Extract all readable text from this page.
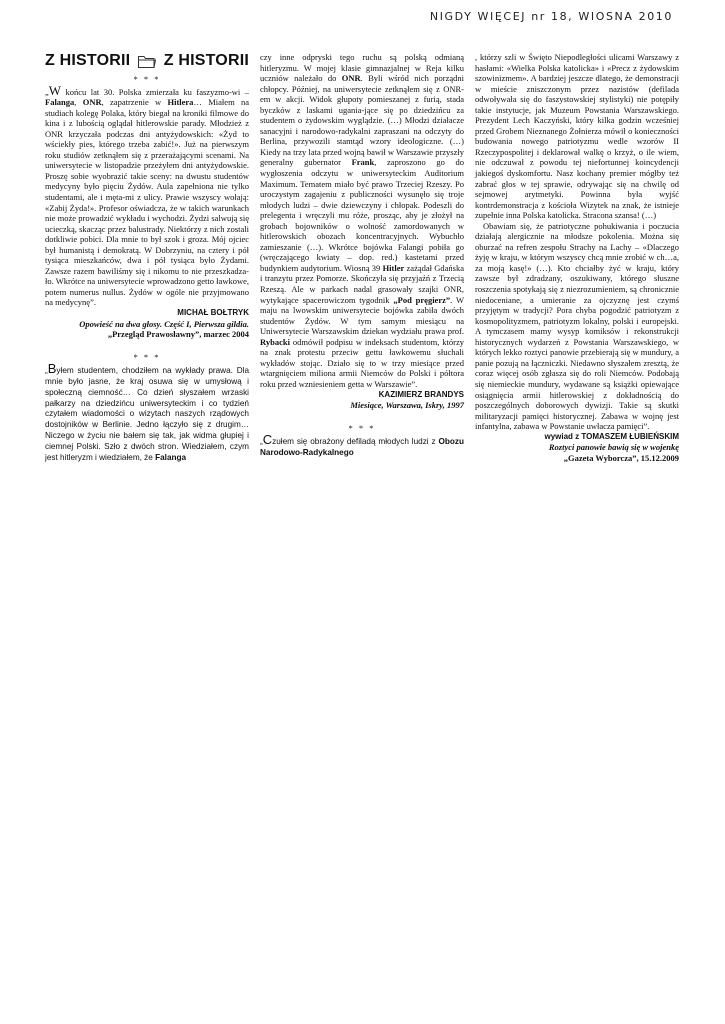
NIGDY WIĘCEJ nr 18, WIOSNA 2010
Z HISTORII Z HISTORII
* * *

„W końcu lat 30. Polska zmierzała ku faszyzmo-wi – Falanga, ONR, zapatrzenie w Hitlera… Miałem na studiach kolegę Polaka, który biegał na kroniki filmowe do kina i z lubością oglądał hitlerowskie parady. Młodzież z ONR krzyczała podczas dni antyżydowskich: «Żyd to wściekły pies, którego trzeba zabić!». Już na pierwszym roku studiów zetknąłem się z przerażającymi scenami. Na uniwersytecie w listopadzie przeżyłem dni antyżydowskie. Proszę sobie wyobrazić takie sceny: na dwustu studentów medycyny było pięciu Żydów. Aula zapełniona nie tylko studentami, ale i męta-mi z ulicy. Prawie wszyscy wołają: «Zabij Żyda!». Profesor oświadcza, że w takich warunkach nie może prowadzić wykładu i wychodzi. Żydzi salwują się ucieczką, skacząc przez balustrady. Niektórzy z nich zostali dotkliwie pobici. Dla mnie to był szok i groza. Mój ojciec był humanistą i demokratą. W Dobrzyniu, na cztery i pół tysiąca mieszkańców, dwa i pół tysiąca było Żydami. Zawsze razem bawiliśmy się i nikomu to nie przeszkadza-ło. Wkrótce na uniwersytecie wprowadzono getto ławkowe, potem numerus nullus. Żydów w ogóle nie przyjmowano na medycynę”.

MICHAŁ BOŁTRYK
Opowieść na dwa głosy. Część I, Pierwsza gildia.
„Przegląd Prawosławny”, marzec 2004
* * *

„Byłem studentem, chodziłem na wykłady prawa. Dla mnie było jasne, że kraj osuwa się w umysłową i społeczną ciemność… Co dzień słyszałem wrzaski pałkarzy na dziedzińcu uniwersyteckim i co tydzień czytałem wiadomości o wizytach naszych rządowych dostojników w Berlinie. Jedno łączyło się z drugim… Niczego w życiu nie bałem się tak, jak widma głupiej i ciemnej Polski. Szło z dwóch stron. Wiedziałem, czym jest hitleryzm i wiedziałem, że Falanga

czy inne odpryski tego ruchu są polską odmianą hitleryzmu. W mojej klasie gimnazjalnej w Reja kilku uczniów należało do ONR. Byli wśród nich porządni chłopcy. Później, na uniwersytecie zetknąłem się z ONR-em w akcji. Widok głupoty pomieszanej z furią, stada byczków z laskami ugania-jące się po dziedzińcu za studentem o żydowskim wyglądzie. (…) Młodzi działacze sanacyjni i narodowo-radykalni zapraszani na odczyty do Berlina, przywozili stamtąd wzory ideologiczne. (…) Kiedy na trzy lata przed wojną bawił w Warszawie przyszły generalny gubernator Frank, zaproszono go do wygłoszenia odczytu w uniwersyteckim Auditorium Maximum. Tematem miało być prawo Trzeciej Rzeszy. Po uroczystym zagajeniu z publiczności wysunęło się troje młodych ludzi – dwie dziewczyny i chłopak. Podeszli do prelegenta i wręczyli mu róże, prosząc, aby je złożył na grobach bojowników o wolność zamordowanych w hitlerowskich obozach koncentracyjnych. Wybuchło zamieszanie (…). Wkrótce bojówka Falangi pobiła go (wręczającego kwiaty – dop. red.) kastetami przed budynkiem audytorium. Wiosną 39 Hitler zażądał Gdańska i tranzytu przez Pomorze. Skończyła się przyjaźń z Trzecią Rzeszą. Ale w parkach nadal grasowały szajki ONR, wytykające spacerowiczom tygodnik „Pod pręgierz”. W maju na lwowskim uniwersytecie bojówka zabiła dwóch studentów Żydów. W tym samym miesiącu na Uniwersytecie Warszawskim dziekan wydziału prawa prof. Rybacki odmówił podpisu w indeksach studentom, którzy na znak protestu przeciw gettu ławkowemu słuchali wykładów stojąc. Działo się to w trzy miesiące przed wtargnięciem miliona armii Niemców do Polski i półtora roku przed wzniesieniem getta w Warszawie”.

KAZIMIERZ BRANDYS
Miesiące, Warszawa, Iskry, 1997
* * *

„Czułem się obrażony defiladą młodych ludzi z Obozu Narodowo-Radykalnego

, którzy szli w Święto Niepodległości ulicami Warszawy z hasłami: «Wielka Polska katolicka» i «Precz z żydowskim szowinizmem». A bardziej jeszcze dlatego, że demonstracji w mieście zniszczonym przez nazistów (defilada odwoływała się do faszystowskiej stylistyki) nie potępiły takie instytucje, jak Muzeum Powstania Warszawskiego. Prezydent Lech Kaczyński, który kilka godzin wcześniej przed Grobem Nieznanego Żołnierza mówił o konieczności budowania nowego patriotyzmu wedle wzorów II Rzeczypospolitej i deklarował walkę o krzyż, o ile wiem, nie odczuwał z powodu tej niefortunnej koincydencji jakiegoś dyskomfortu. Nasz kochany premier mógłby też zabrać głos w tej sprawie, odrywając się na chwilę od sejmowej arytmetyki. Powinna była wyjść kontrdemonstracja z kościoła Wizytek na znak, że istnieje zupełnie inna Polska katolicka. Stracona szansa! (…)

Obawiam się, że patriotyczne pohukiwania i poczucia działają alergicznie na młodsze pokolenia. Można się oburzać na refren zespołu Strachy na Lachy – «Dlaczego żyję w kraju, w którym wszyscy chcą mnie zrobić w ch…a, za moją kasę!» (…). Kto chciałby żyć w kraju, który zawsze był zdradzany, oszukiwany, którego słuszne roszczenia spotykają się z niezrozumieniem, są chronicznie niedoceniane, a umieranie za ojczyznę jest czymś przyjętym w tradycji? Pora chyba pogodzić patriotyzm z kosmopolityzmem, patriotyzm lokalny, polski i europejski. A tymczasem mamy wysyp komiksów i rekonstrukcji historycznych wydarzeń z Powstania Warszawskiego, w których lekko roztyci panowie przebierają się w mundury, a panie pozują na łączniczki. Niedawno słyszałem zresztą, że coraz więcej osób zgłasza się do roli Niemców. Podobają się niemieckie mundury, wydawane są książki opiewające osiągnięcia armii hitlerowskiej z dokładnością do poszczególnych doborowych dywizji. Takie są skutki militaryzacji pamięci historycznej. Zabawa w wojnę jest infantylna, zabawa w Powstanie uwłacza pamięci”.

wywiad z TOMASZEM ŁUBIEŃSKIM
Roztyci panowie bawią się w wojenkę
„Gazeta Wyborcza”, 15.12.2009
